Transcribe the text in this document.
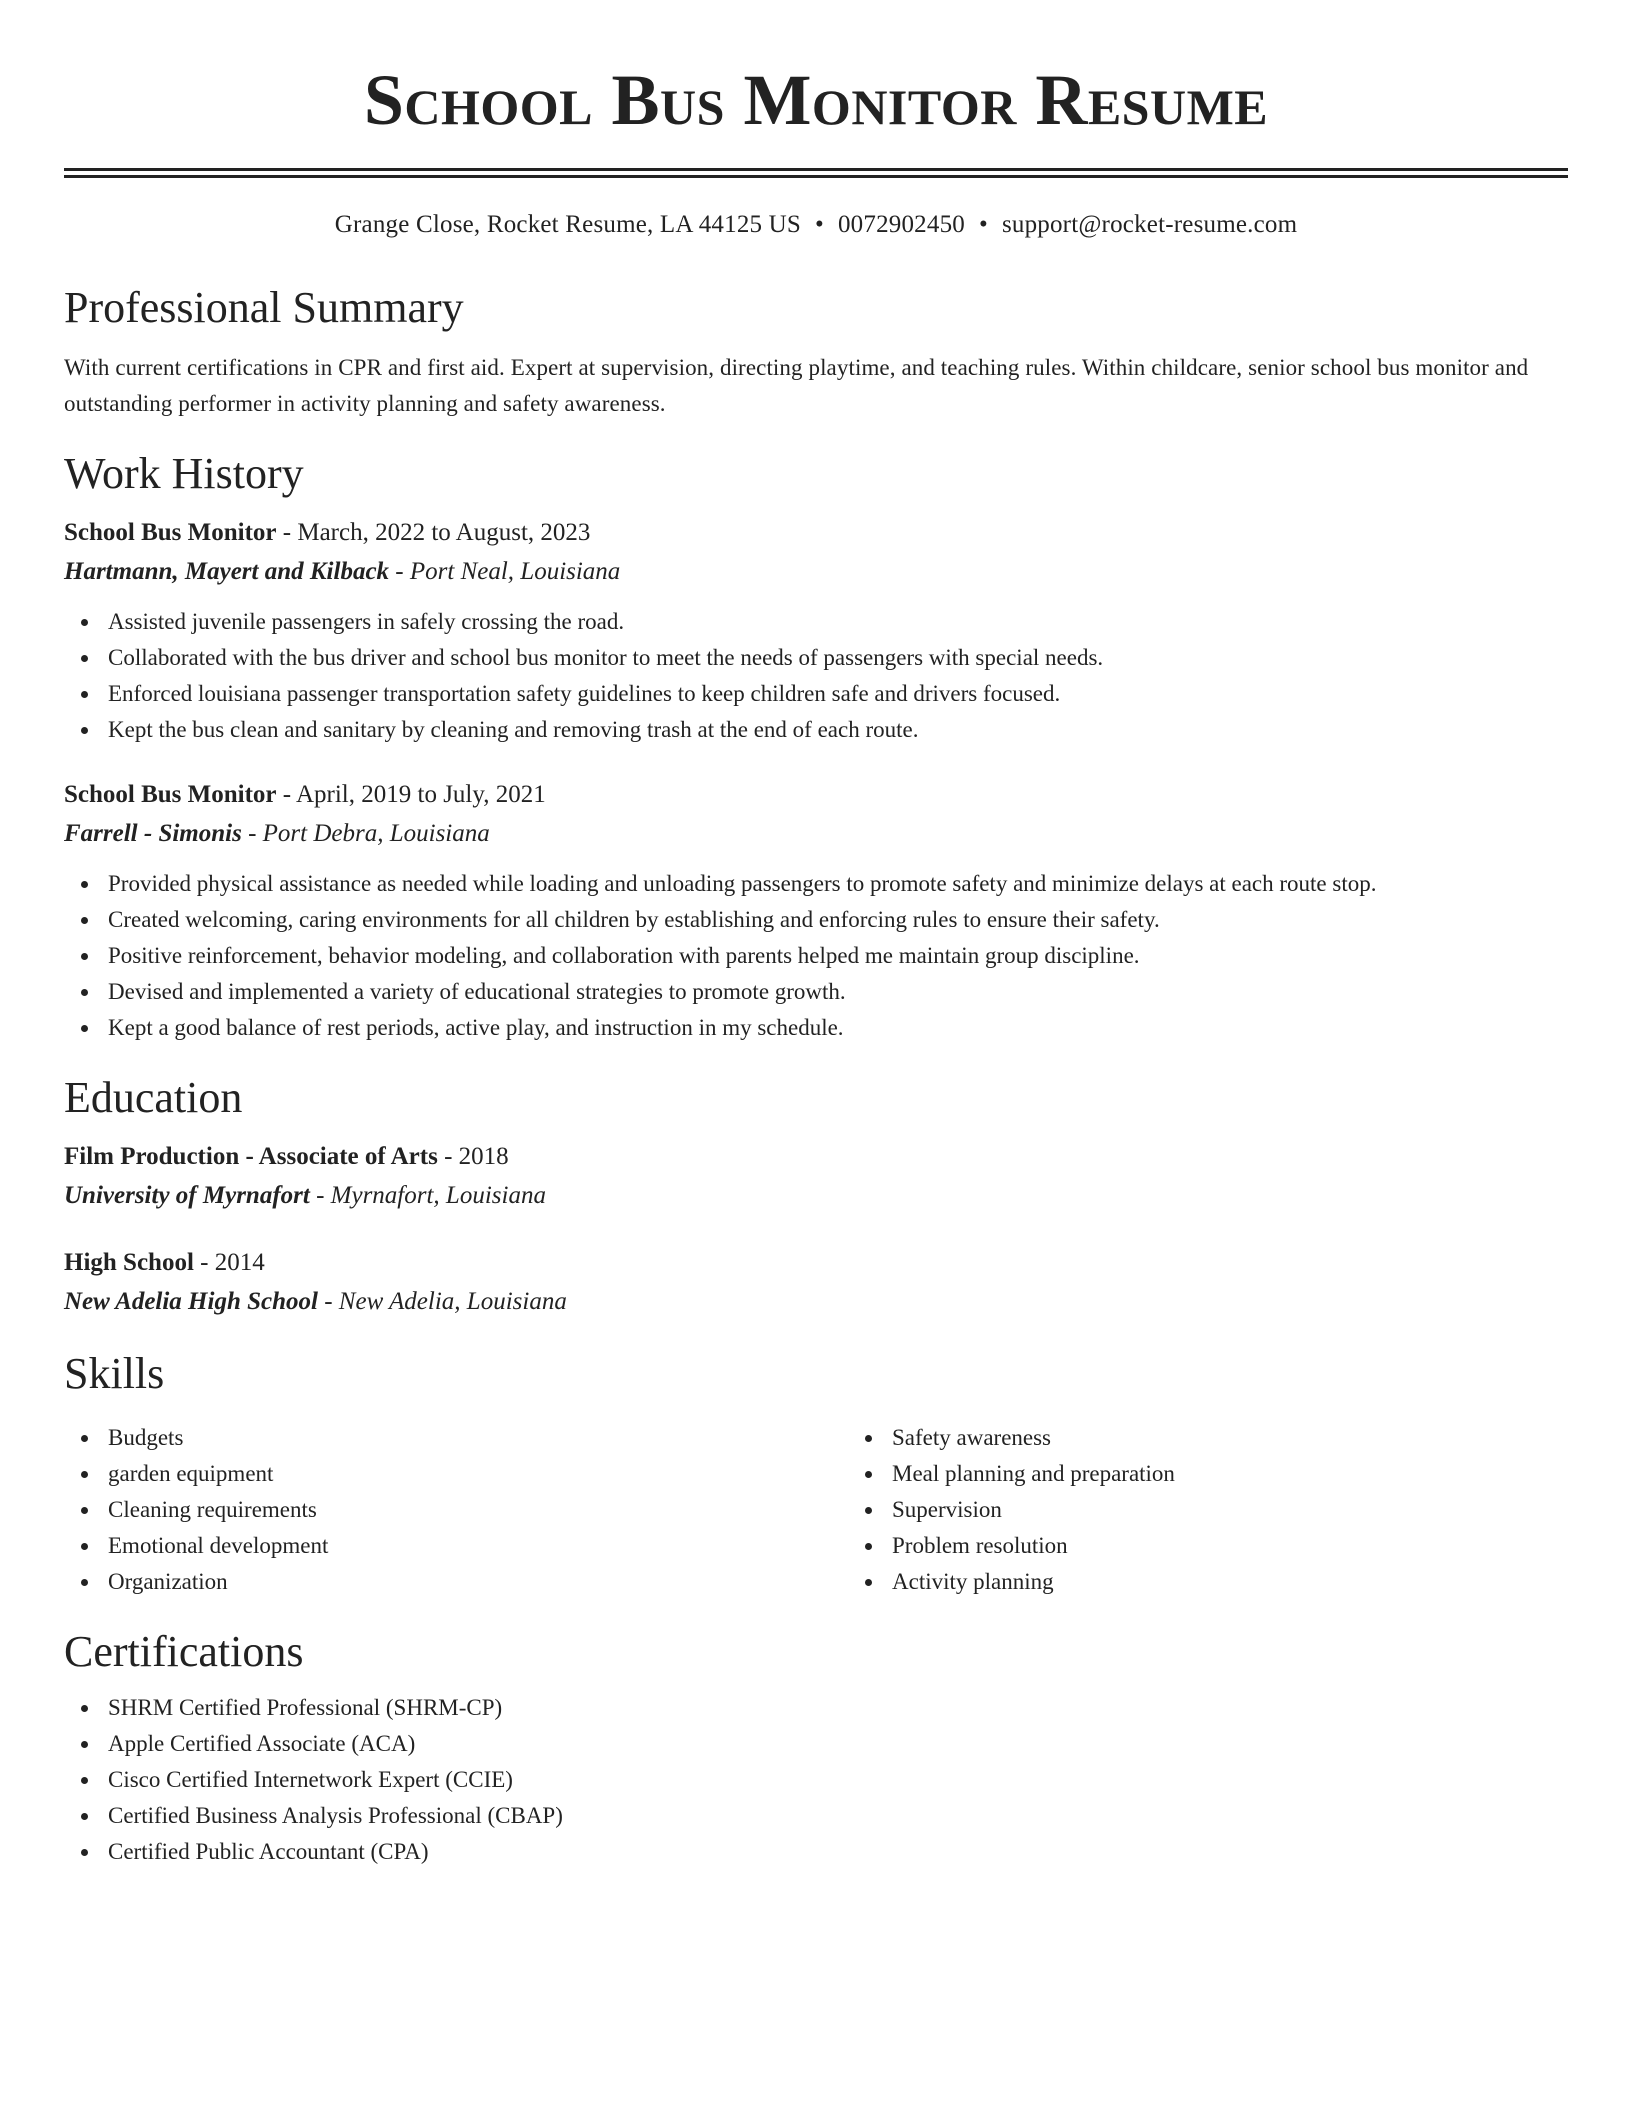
School Bus Monitor Resume
Grange Close, Rocket Resume, LA 44125 US • 0072902450 • support@rocket-resume.com
Professional Summary

With current certifications in CPR and first aid. Expert at supervision, directing playtime, and teaching rules. Within childcare, senior school bus monitor and outstanding performer in activity planning and safety awareness.

Work History
School Bus Monitor - March, 2022 to August, 2023
Hartmann, Mayert and Kilback - Port Neal, Louisiana
Assisted juvenile passengers in safely crossing the road.
Collaborated with the bus driver and school bus monitor to meet the needs of passengers with special needs.
Enforced louisiana passenger transportation safety guidelines to keep children safe and drivers focused.
Kept the bus clean and sanitary by cleaning and removing trash at the end of each route.
School Bus Monitor - April, 2019 to July, 2021
Farrell - Simonis - Port Debra, Louisiana
Provided physical assistance as needed while loading and unloading passengers to promote safety and minimize delays at each route stop.
Created welcoming, caring environments for all children by establishing and enforcing rules to ensure their safety.
Positive reinforcement, behavior modeling, and collaboration with parents helped me maintain group discipline.
Devised and implemented a variety of educational strategies to promote growth.
Kept a good balance of rest periods, active play, and instruction in my schedule.
Education
Film Production - Associate of Arts - 2018
University of Myrnafort - Myrnafort, Louisiana
High School - 2014
New Adelia High School - New Adelia, Louisiana
Skills
Budgets
garden equipment
Cleaning requirements
Emotional development
Organization
Safety awareness
Meal planning and preparation
Supervision
Problem resolution
Activity planning
Certifications
SHRM Certified Professional (SHRM-CP)
Apple Certified Associate (ACA)
Cisco Certified Internetwork Expert (CCIE)
Certified Business Analysis Professional (CBAP)
Certified Public Accountant (CPA)
